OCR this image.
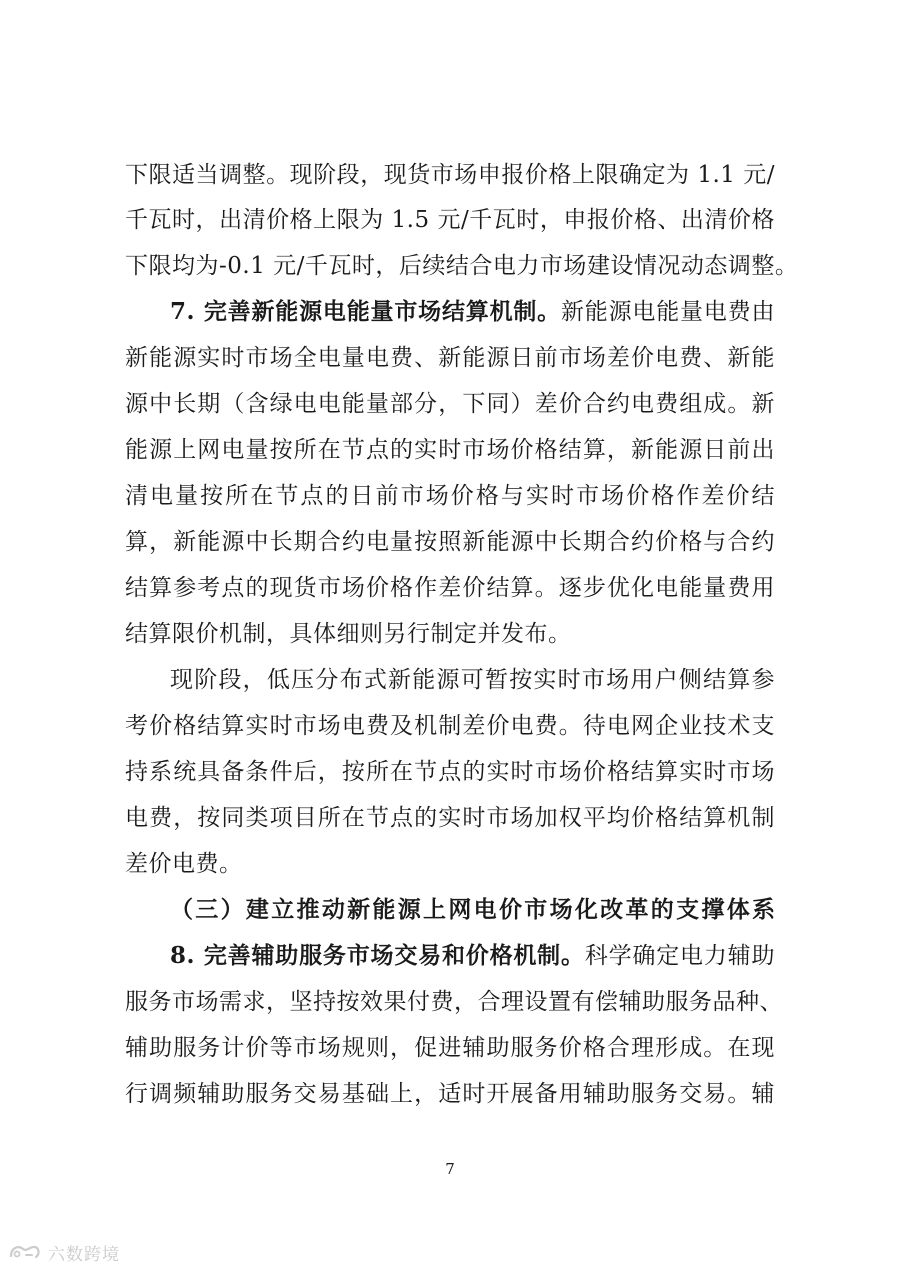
下限适当调整。现阶段，现货市场申报价格上限确定为 1.1 元/
千瓦时，出清价格上限为 1.5 元/千瓦时，申报价格、出清价格
下限均为-0.1 元/千瓦时，后续结合电力市场建设情况动态调整。
7. 完善新能源电能量市场结算机制。新能源电能量电费由
新能源实时市场全电量电费、新能源日前市场差价电费、新能
源中长期（含绿电电能量部分，下同）差价合约电费组成。新
能源上网电量按所在节点的实时市场价格结算，新能源日前出
清电量按所在节点的日前市场价格与实时市场价格作差价结
算，新能源中长期合约电量按照新能源中长期合约价格与合约
结算参考点的现货市场价格作差价结算。逐步优化电能量费用
结算限价机制，具体细则另行制定并发布。
现阶段，低压分布式新能源可暂按实时市场用户侧结算参
考价格结算实时市场电费及机制差价电费。待电网企业技术支
持系统具备条件后，按所在节点的实时市场价格结算实时市场
电费，按同类项目所在节点的实时市场加权平均价格结算机制
差价电费。
（三）建立推动新能源上网电价市场化改革的支撑体系
8. 完善辅助服务市场交易和价格机制。科学确定电力辅助
服务市场需求，坚持按效果付费，合理设置有偿辅助服务品种、
辅助服务计价等市场规则，促进辅助服务价格合理形成。在现
行调频辅助服务交易基础上，适时开展备用辅助服务交易。辅
7
六数跨境
